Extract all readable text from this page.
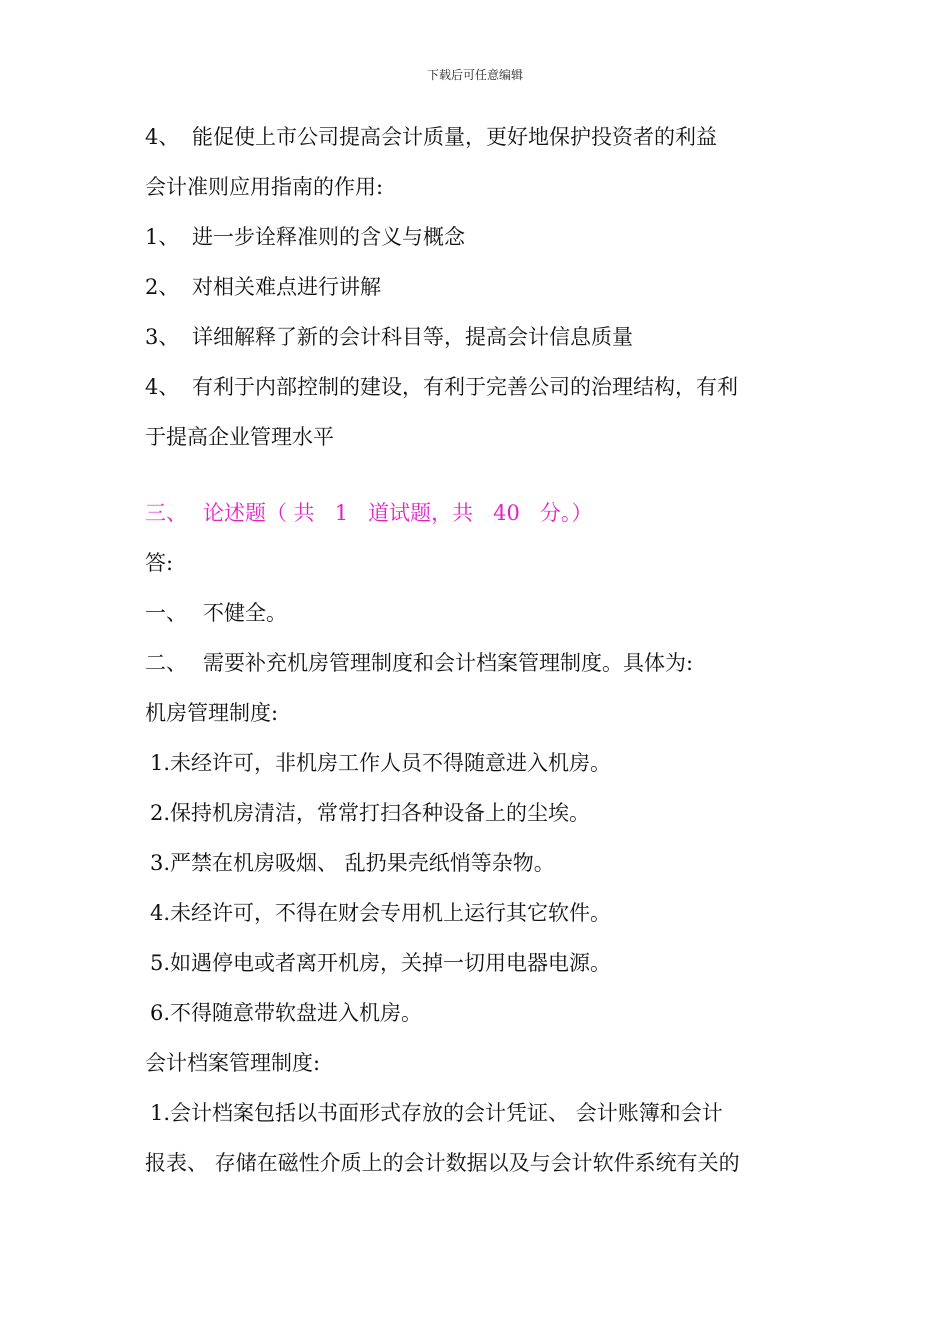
下载后可任意编辑
4、 能促使上市公司提高会计质量，更好地保护投资者的利益
会计准则应用指南的作用:
1、 进一步诠释准则的含义与概念
2、 对相关难点进行讲解
3、 详细解释了新的会计科目等，提高会计信息质量
4、 有利于内部控制的建设，有利于完善公司的治理结构，有利
于提高企业管理水平
三、 论述题（ 共   1   道试题，共   40   分。）
答:
一、 不健全。
二、 需要补充机房管理制度和会计档案管理制度。具体为:
机房管理制度:
1.未经许可，非机房工作人员不得随意进入机房。
2.保持机房清洁，常常打扫各种设备上的尘埃。
3.严禁在机房吸烟、 乱扔果壳纸悄等杂物。
4.未经许可，不得在财会专用机上运行其它软件。
5.如遇停电或者离开机房，关掉一切用电器电源。
6.不得随意带软盘进入机房。
会计档案管理制度:
1.会计档案包括以书面形式存放的会计凭证、 会计账簿和会计
报表、 存储在磁性介质上的会计数据以及与会计软件系统有关的
